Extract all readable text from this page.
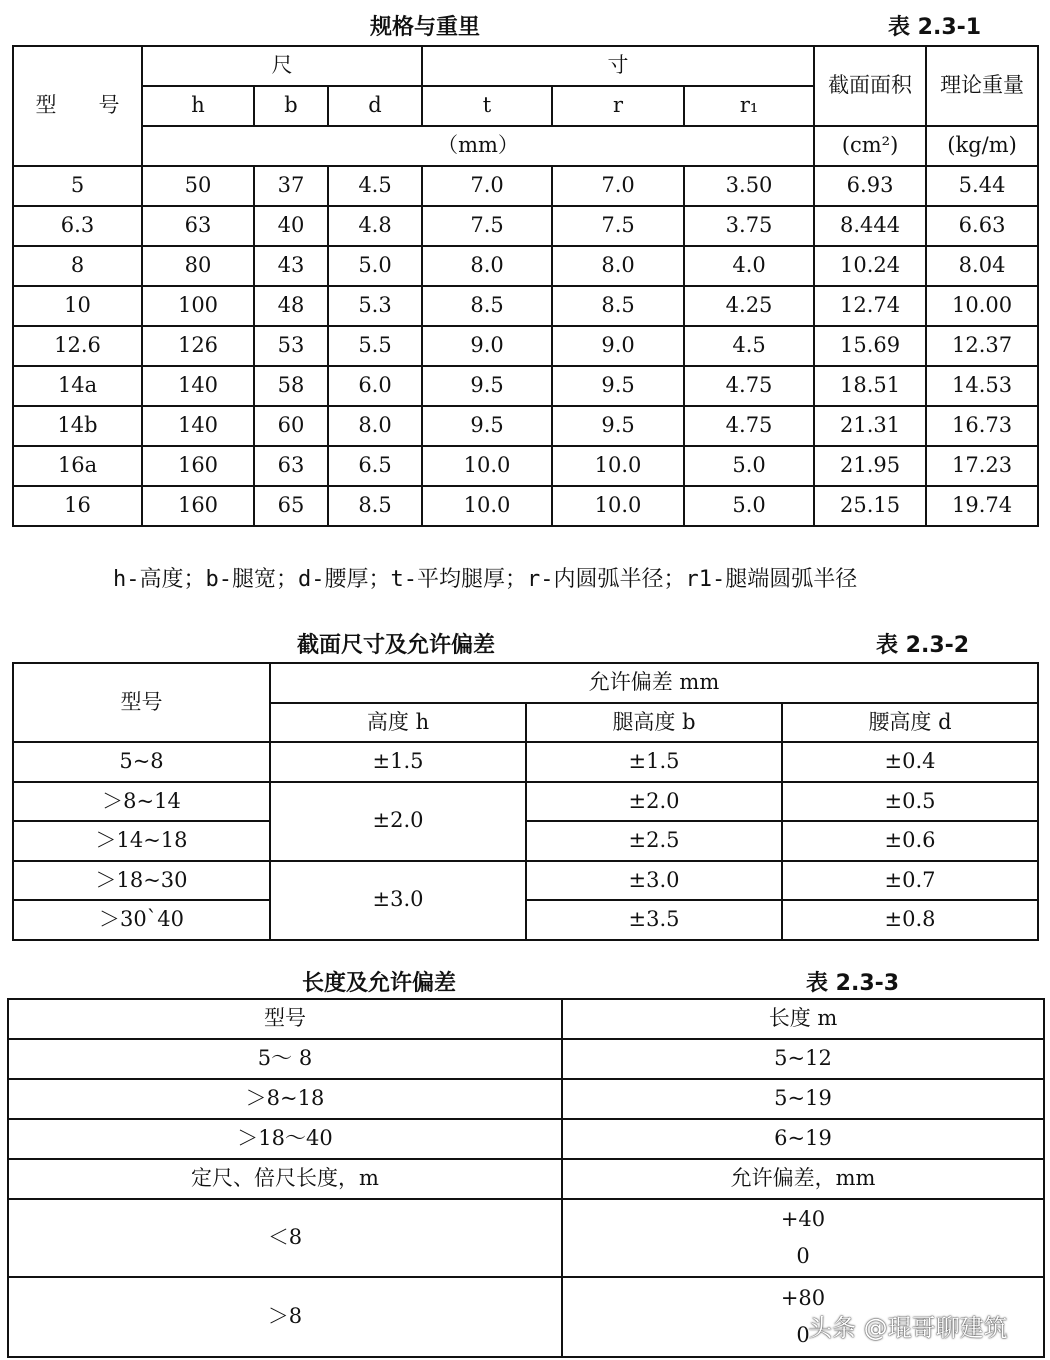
规格与重里	表 2.3-1
型　　号	尺			寸			截面面积	理论重量
	h	b	d	t	r	r₁		
	（mm）						(cm²)	(kg/m)
5	50	37	4.5	7.0	7.0	3.50	6.93	5.44
6.3	63	40	4.8	7.5	7.5	3.75	8.444	6.63
8	80	43	5.0	8.0	8.0	4.0	10.24	8.04
10	100	48	5.3	8.5	8.5	4.25	12.74	10.00
12.6	126	53	5.5	9.0	9.0	4.5	15.69	12.37
14a	140	58	6.0	9.5	9.5	4.75	18.51	14.53
14b	140	60	8.0	9.5	9.5	4.75	21.31	16.73
16a	160	63	6.5	10.0	10.0	5.0	21.95	17.23
16	160	65	8.5	10.0	10.0	5.0	25.15	19.74
h-高度；b-腿宽；d-腰厚；t-平均腿厚；r-内圆弧半径；r1-腿端圆弧半径
截面尺寸及允许偏差	表 2.3-2
型号	允许偏差 mm		
	高度 h	腿高度 b	腰高度 d
5~8	±1.5	±1.5	±0.4
＞8~14	±2.0	±2.0	±0.5
＞14~18		±2.5	±0.6
＞18~30	±3.0	±3.0	±0.7
＞30`40		±3.5	±0.8
长度及允许偏差	表 2.3-3
型号	长度 m
5～ 8	5~12
＞8~18	5~19
＞18～40	6~19
定尺、倍尺长度，m	允许偏差，mm
＜8	+40
0

＞8	+80
0
头条 @琨哥聊建筑
